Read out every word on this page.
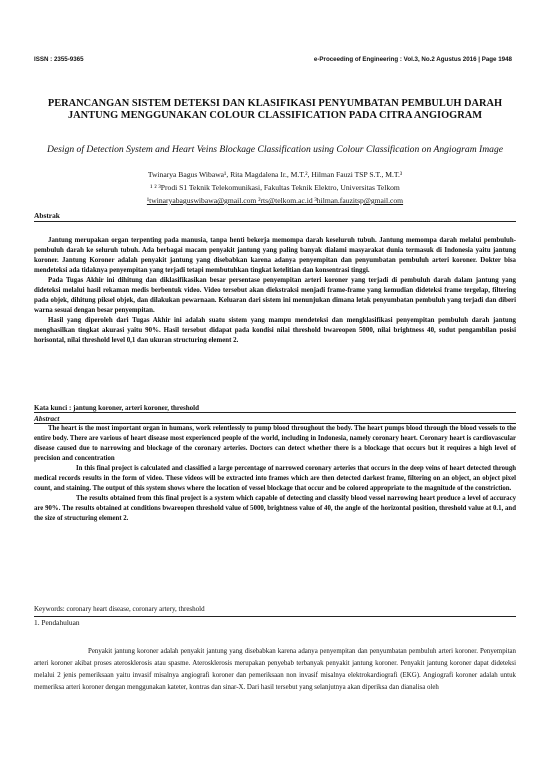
ISSN : 2355-9365	e-Proceeding of Engineering : Vol.3, No.2 Agustus 2016 | Page 1948
PERANCANGAN SISTEM DETEKSI DAN KLASIFIKASI PENYUMBATAN PEMBULUH DARAH JANTUNG MENGGUNAKAN COLOUR CLASSIFICATION PADA CITRA ANGIOGRAM
Design of Detection System and Heart Veins Blockage Classification using Colour Classification on Angiogram Image
Twinarya Bagus Wibawa¹, Rita Magdalena Ir., M.T.², Hilman Fauzi TSP S.T., M.T.³
¹ ² ³Prodi S1 Teknik Telekomunikasi, Fakultas Teknik Elektro, Universitas Telkom
¹twinaryabaguswibawa@gmail.com ²rts@telkom.ac.id ³hilman.fauzitsp@gmail.com
Abstrak

Jantung merupakan organ terpenting pada manusia, tanpa henti bekerja memompa darah keseluruh tubuh. Jantung memompa darah melalui pembuluh-pembuluh darah ke seluruh tubuh. Ada berbagai macam penyakit jantung yang paling banyak dialami masyarakat dunia termasuk di Indonesia yaitu jantung koroner. Jantung Koroner adalah penyakit jantung yang disebabkan karena adanya penyempitan dan penyumbatan pembuluh arteri koroner. Dokter bisa mendeteksi ada tidaknya penyempitan yang terjadi tetapi membutuhkan tingkat ketelitian dan konsentrasi tinggi.

Pada Tugas Akhir ini dihitung dan diklasifikasikan besar persentase penyempitan arteri koroner yang terjadi di pembuluh darah dalam jantung yang dideteksi melalui hasil rekaman medis berbentuk video. Video tersebut akan diekstraksi menjadi frame-frame yang kemudian dideteksi frame tergelap, filtering pada objek, dihitung piksel objek, dan dilakukan pewarnaan. Keluaran dari sistem ini menunjukan dimana letak penyumbatan pembuluh yang terjadi dan diberi warna sesuai dengan besar penyempitan.

Hasil yang diperoleh dari Tugas Akhir ini adalah suatu sistem yang mampu mendeteksi dan mengklasifikasi penyempitan pembuluh darah jantung menghasilkan tingkat akurasi yaitu 90%. Hasil tersebut didapat pada kondisi nilai threshold bwareopen 5000, nilai brightness 40, sudut pengambilan posisi horisontal, nilai threshold level 0,1 dan ukuran structuring element 2.

Kata kunci : jantung koroner, arteri koroner, threshold
Abstract

The heart is the most important organ in humans, work relentlessly to pump blood throughout the body. The heart pumps blood through the blood vessels to the entire body. There are various of heart disease most experienced people of the world, including in Indonesia, namely coronary heart. Coronary heart is cardiovascular disease caused due to narrowing and blockage of the coronary arteries. Doctors can detect whether there is a blockage that occurs but it requires a high level of precision and concentration

In this final project is calculated and classified a large percentage of narrowed coronary arteries that occurs in the deep veins of heart detected through medical records results in the form of video. These videos will be extracted into frames which are then detected darkest frame, filtering on an object, an object pixel count, and staining. The output of this system shows where the location of vessel blockage that occur and be colored appropriate to the magnitude of the constriction.

The results obtained from this final project is a system which capable of detecting and classify blood vessel narrowing heart produce a level of accuracy are 90%. The results obtained at conditions bwareopen threshold value of 5000, brightness value of 40, the angle of the horizontal position, threshold value at 0.1, and the size of structuring element 2.

Keywords: coronary heart disease, coronary artery, threshold
1. Pendahuluan

Penyakit jantung koroner adalah penyakit jantung yang disebabkan karena adanya penyempitan dan penyumbatan pembuluh arteri koroner. Penyempitan arteri koroner akibat proses aterosklerosis atau spasme. Aterosklerosis merupakan penyebab terbanyak penyakit jantung koroner. Penyakit jantung koroner dapat dideteksi melalui 2 jenis pemeriksaan yaitu invasif misalnya angiografi koroner dan pemeriksaan non invasif misalnya elektrokardiografi (EKG). Angiografi koroner adalah untuk memeriksa arteri koroner dengan menggunakan kateter, kontras dan sinar-X. Dari hasil tersebut yang selanjutnya akan diperiksa dan dianalisa oleh
